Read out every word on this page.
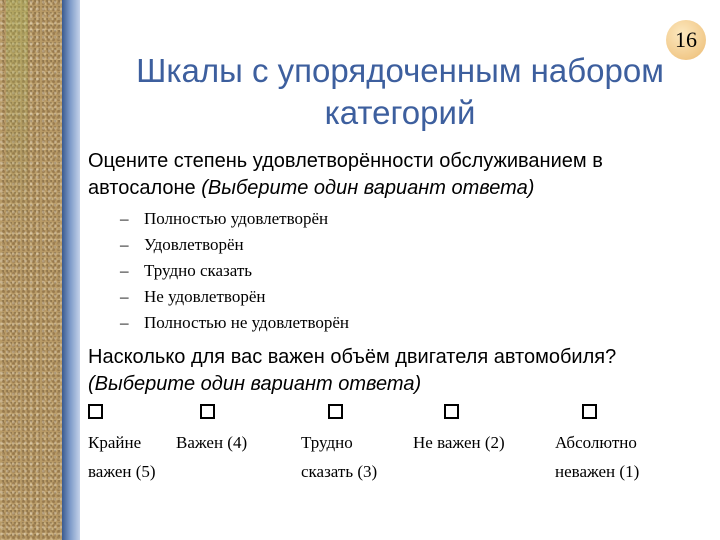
16
Шкалы с упорядоченным набором категорий
Оцените степень удовлетворённости обслуживанием в автосалоне (Выберите один вариант ответа)
– Полностью удовлетворён
– Удовлетворён
– Трудно сказать
– Не удовлетворён
– Полностью не удовлетворён
Насколько для вас важен объём двигателя автомобиля?
(Выберите один вариант ответа)
Крайне
важен (5)
Важен (4)	Трудно
сказать (3)
Не важен (2)	Абсолютно
неважен (1)
